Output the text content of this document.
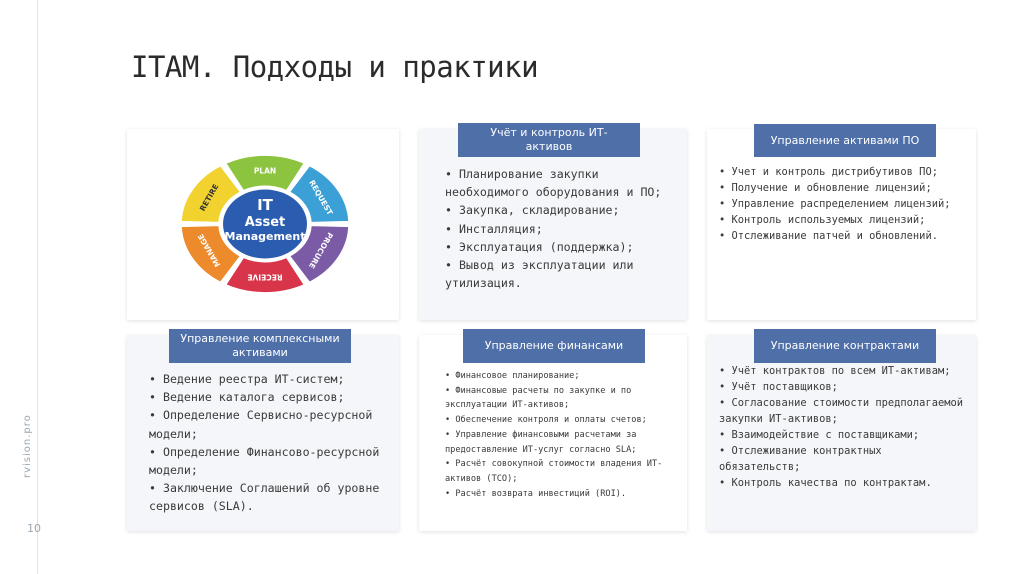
rvision.pro
10
ITAM. Подходы и практики
RETIRE
PLAN
REQUEST
PROCURE
RECEIVE
MANAGE
IT
Asset
Management
• Планирование закупки необходимого оборудования и ПО;
• Закупка, складирование;
• Инсталляция;
• Эксплуатация (поддержка);
• Вывод из эксплуатации или утилизация.
Учёт и контроль ИТ-
активов
• Учет и контроль дистрибутивов ПО;
• Получение и обновление лицензий;
• Управление распределением лицензий;
• Контроль используемых лицензий;
• Отслеживание патчей и обновлений.
Управление активами ПО
• Ведение реестра ИТ-систем;
• Ведение каталога сервисов;
• Определение Сервисно-ресурсной модели;
• Определение Финансово-ресурсной модели;
• Заключение Соглашений об уровне сервисов (SLA).
Управление комплексными
активами
• Финансовое планирование;
• Финансовые расчеты по закупке и по эксплуатации ИТ-активов;
• Обеспечение контроля и оплаты счетов;
• Управление финансовыми расчетами за предоставление ИТ-услуг согласно SLA;
• Расчёт совокупной стоимости владения ИТ-активов (TCO);
• Расчёт возврата инвестиций (ROI).
Управление финансами
• Учёт контрактов по всем ИТ-активам;
• Учёт поставщиков;
• Согласование стоимости предполагаемой закупки ИТ-активов;
• Взаимодействие с поставщиками;
• Отслеживание контрактных обязательств;
• Контроль качества по контрактам.
Управление контрактами
